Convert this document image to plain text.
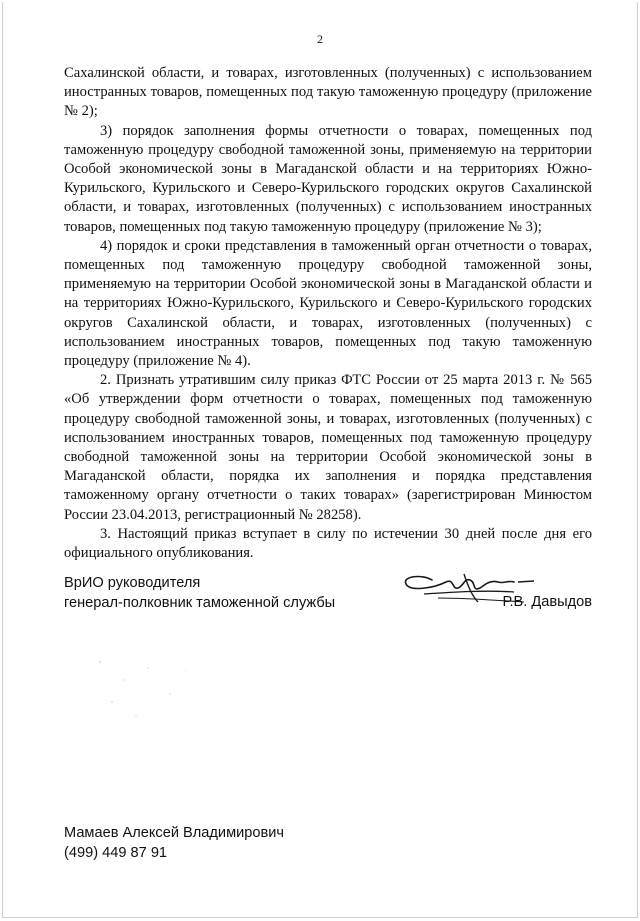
2

Сахалинской области, и товарах, изготовленных (полученных) с использованием иностранных товаров, помещенных под такую таможенную процедуру (приложение № 2);

3) порядок заполнения формы отчетности о товарах, помещенных под таможенную процедуру свободной таможенной зоны, применяемую на территории Особой экономической зоны в Магаданской области и на территориях Южно-Курильского, Курильского и Северо-Курильского городских округов Сахалинской области, и товарах, изготовленных (полученных) с использованием иностранных товаров, помещенных под такую таможенную процедуру (приложение № 3);

4) порядок и сроки представления в таможенный орган отчетности о товарах, помещенных под таможенную процедуру свободной таможенной зоны, применяемую на территории Особой экономической зоны в Магаданской области и на территориях Южно-Курильского, Курильского и Северо-Курильского городских округов Сахалинской области, и товарах, изготовленных (полученных) с использованием иностранных товаров, помещенных под такую таможенную процедуру (приложение № 4).

2. Признать утратившим силу приказ ФТС России от 25 марта 2013 г. № 565 «Об утверждении форм отчетности о товарах, помещенных под таможенную процедуру свободной таможенной зоны, и товарах, изготовленных (полученных) с использованием иностранных товаров, помещенных под таможенную процедуру свободной таможенной зоны на территории Особой экономической зоны в Магаданской области, порядка их заполнения и порядка представления таможенному органу отчетности о таких товарах» (зарегистрирован Минюстом России 23.04.2013, регистрационный № 28258).

3. Настоящий приказ вступает в силу по истечении 30 дней после дня его официального опубликования.

ВрИО руководителя
генерал-полковник таможенной службы	Р.В. Давыдов
Мамаев Алексей Владимирович
(499) 449 87 91
